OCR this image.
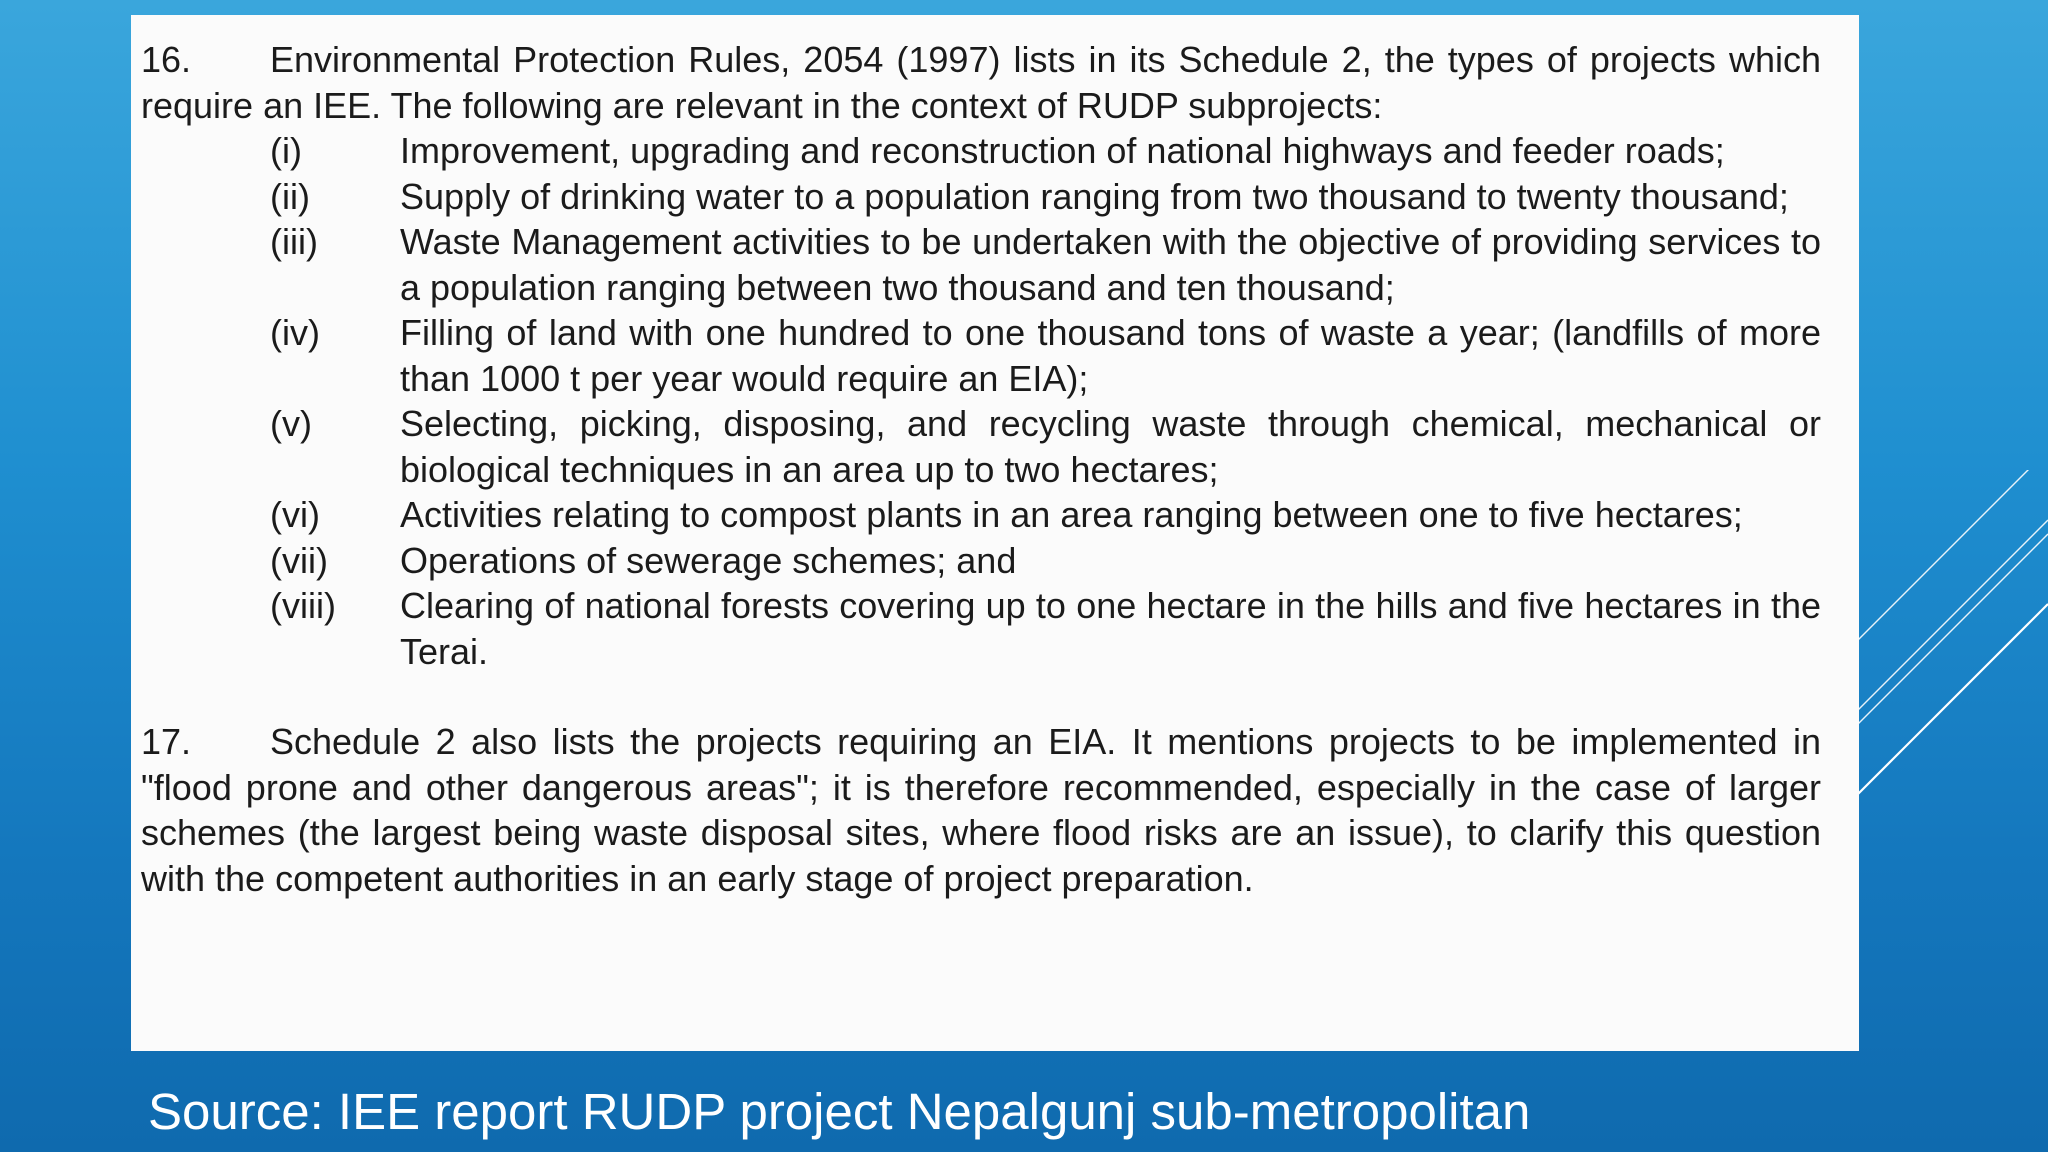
16. Environmental Protection Rules, 2054 (1997) lists in its Schedule 2, the types of projects which require an IEE. The following are relevant in the context of RUDP subprojects:
(i)	Improvement, upgrading and reconstruction of national highways and feeder roads;
(ii)	Supply of drinking water to a population ranging from two thousand to twenty thousand;
(iii)	Waste Management activities to be undertaken with the objective of providing services to a population ranging between two thousand and ten thousand;
(iv)	Filling of land with one hundred to one thousand tons of waste a year; (landfills of more than 1000 t per year would require an EIA);
(v)	Selecting, picking, disposing, and recycling waste through chemical, mechanical or biological techniques in an area up to two hectares;
(vi)	Activities relating to compost plants in an area ranging between one to five hectares;
(vii)	Operations of sewerage schemes; and
(viii)	Clearing of national forests covering up to one hectare in the hills and five hectares in the Terai.
17. Schedule 2 also lists the projects requiring an EIA. It mentions projects to be implemented in "flood prone and other dangerous areas"; it is therefore recommended, especially in the case of larger schemes (the largest being waste disposal sites, where flood risks are an issue), to clarify this question with the competent authorities in an early stage of project preparation.
Source: IEE report RUDP project Nepalgunj sub-metropolitan
